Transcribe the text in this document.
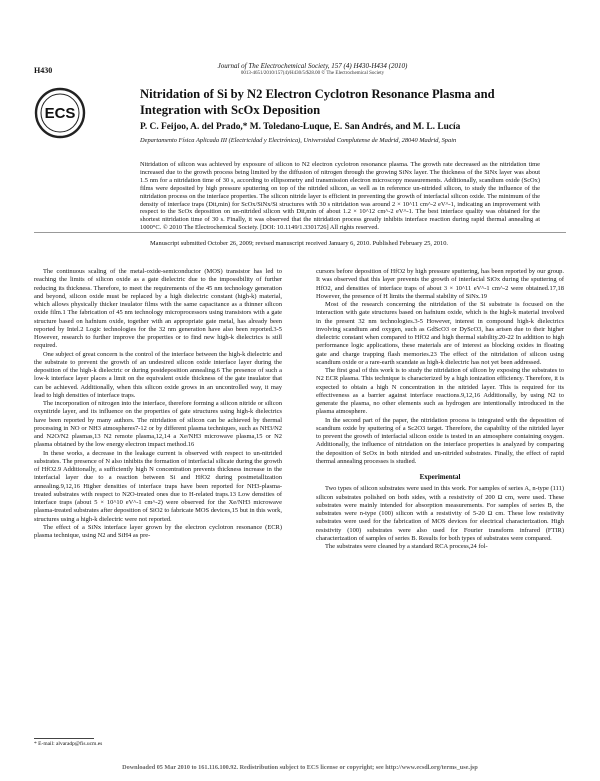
H430	Journal of The Electrochemical Society, 157 (4) H430-H434 (2010)
0013-4651/2010/157(4)/H430/5/$28.00 © The Electrochemical Society
ECS
Nitridation of Si by N2 Electron Cyclotron Resonance Plasma and Integration with ScOx Deposition
P. C. Feijoo, A. del Prado,* M. Toledano-Luque, E. San Andrés, and M. L. Lucía
Departamento Física Aplicada III (Electricidad y Electrónica), Universidad Complutense de Madrid, 28040 Madrid, Spain
Nitridation of silicon was achieved by exposure of silicon to N2 electron cyclotron resonance plasma. The growth rate decreased as the nitridation time increased due to the growth process being limited by the diffusion of nitrogen through the growing SiNx layer. The thickness of the SiNx layer was about 1.5 nm for a nitridation time of 30 s, according to ellipsometry and transmission electron microscopy measurements. Additionally, scandium oxide (ScOx) films were deposited by high pressure sputtering on top of the nitrided silicon, as well as in reference un-nitrided silicon, to study the influence of the nitridation process on the interface properties. The silicon nitride layer is efficient in preventing the growth of interfacial silicon oxide. The minimum of the density of interface traps (Dit,min) for ScOx/SiNx/Si structures with 30 s nitridation was around 2 × 10^11 cm^-2 eV^-1, indicating an improvement with respect to the ScOx deposition on un-nitrided silicon with Dit,min of about 1.2 × 10^12 cm^-2 eV^-1. The best interface quality was obtained for the shortest nitridation time of 30 s. Finally, it was observed that the nitridation process greatly inhibits interface reaction during rapid thermal annealing at 1000°C. © 2010 The Electrochemical Society. [DOI: 10.1149/1.3301726] All rights reserved.
Manuscript submitted October 26, 2009; revised manuscript received January 6, 2010. Published February 25, 2010.

The continuous scaling of the metal-oxide-semiconductor (MOS) transistor has led to reaching the limits of silicon oxide as a gate dielectric due to the impossibility of further reducing its thickness. Therefore, to meet the requirements of the 45 nm technology generation and beyond, silicon oxide must be replaced by a high dielectric constant (high-k) material, which allows physically thicker insulator films with the same capacitance as a thinner silicon oxide film.1 The fabrication of 45 nm technology microprocessors using transistors with a gate structure based on hafnium oxide, together with an appropriate gate metal, has already been reported by Intel.2 Logic technologies for the 32 nm generation have also been reported.3-5 However, research to further improve the properties or to find new high-k dielectrics is still required.

One subject of great concern is the control of the interface between the high-k dielectric and the substrate to prevent the growth of an undesired silicon oxide interface layer during the deposition of the high-k dielectric or during postdeposition annealing.6 The presence of such a low-k interface layer places a limit on the equivalent oxide thickness of the gate insulator that can be achieved. Additionally, when this silicon oxide grows in an uncontrolled way, it may lead to high densities of interface traps.

The incorporation of nitrogen into the interface, therefore forming a silicon nitride or silicon oxynitride layer, and its influence on the properties of gate structures using high-k dielectrics have been reported by many authors. The nitridation of silicon can be achieved by thermal processing in NO or NH3 atmospheres7-12 or by different plasma techniques, such as NH3/N2 and N2O/N2 plasmas,13 N2 remote plasma,12,14 a Xe/NH3 microwave plasma,15 or N2 plasma obtained by the low energy electron impact method.16

In these works, a decrease in the leakage current is observed with respect to un-nitrided substrates. The presence of N also inhibits the formation of interfacial silicate during the growth of HfO2.9 Additionally, a sufficiently high N concentration prevents thickness increase in the interfacial layer due to a reaction between Si and HfO2 during postmetallization annealing.9,12,16 Higher densities of interface traps have been reported for NH3-plasma-treated substrates with respect to N2O-treated ones due to H-related traps.13 Low densities of interface traps (about 5 × 10^10 eV^-1 cm^-2) were observed for the Xe/NH3 microwave plasma-treated substrates after deposition of SiO2 to fabricate MOS devices,15 but in this work, structures using a high-k dielectric were not reported.

The effect of a SiNx interface layer grown by the electron cyclotron resonance (ECR) plasma technique, using N2 and SiH4 as pre-

cursors before deposition of HfO2 by high pressure sputtering, has been reported by our group. It was observed that this layer prevents the growth of interfacial SiOx during the sputtering of HfO2, and densities of interface traps of about 3 × 10^11 eV^-1 cm^-2 were obtained.17,18 However, the presence of H limits the thermal stability of SiNx.19

Most of the research concerning the nitridation of the Si substrate is focused on the interaction with gate structures based on hafnium oxide, which is the high-k material involved in the present 32 nm technologies.3-5 However, interest in compound high-k dielectrics involving scandium and oxygen, such as GdScO3 or DyScO3, has arisen due to their higher dielectric constant when compared to HfO2 and high thermal stability.20-22 In addition to high performance logic applications, these materials are of interest as blocking oxides in floating gate and charge trapping flash memories.23 The effect of the nitridation of silicon using scandium oxide or a rare-earth scandate as high-k dielectric has not yet been addressed.

The first goal of this work is to study the nitridation of silicon by exposing the substrates to N2 ECR plasma. This technique is characterized by a high ionization efficiency. Therefore, it is expected to obtain a high N concentration in the nitrided layer. This is required for its effectiveness as a barrier against interface reactions.9,12,16 Additionally, by using N2 to generate the plasma, no other elements such as hydrogen are intentionally introduced in the plasma atmosphere.

In the second part of the paper, the nitridation process is integrated with the deposition of scandium oxide by sputtering of a Sc2O3 target. Therefore, the capability of the nitrided layer to prevent the growth of interfacial silicon oxide is tested in an atmosphere containing oxygen. Additionally, the influence of nitridation on the interface properties is analyzed by comparing the deposition of ScOx in both nitrided and un-nitrided substrates. Finally, the effect of rapid thermal annealing processes is studied.

Experimental

Two types of silicon substrates were used in this work. For samples of series A, n-type (111) silicon substrates polished on both sides, with a resistivity of 200 Ω cm, were used. These substrates were mainly intended for absorption measurements. For samples of series B, the substrates were n-type (100) silicon with a resistivity of 5-20 Ω cm. These low resistivity substrates were used for the fabrication of MOS devices for electrical characterization. High resistivity (100) substrates were also used for Fourier transform infrared (FTIR) characterization of samples of series B. Results for both types of substrates were compared.

The substrates were cleaned by a standard RCA process,24 fol-

* E-mail: alvaradp@fis.ucm.es
Downloaded 05 Mar 2010 to 161.116.100.92. Redistribution subject to ECS license or copyright; see http://www.ecsdl.org/terms_use.jsp
